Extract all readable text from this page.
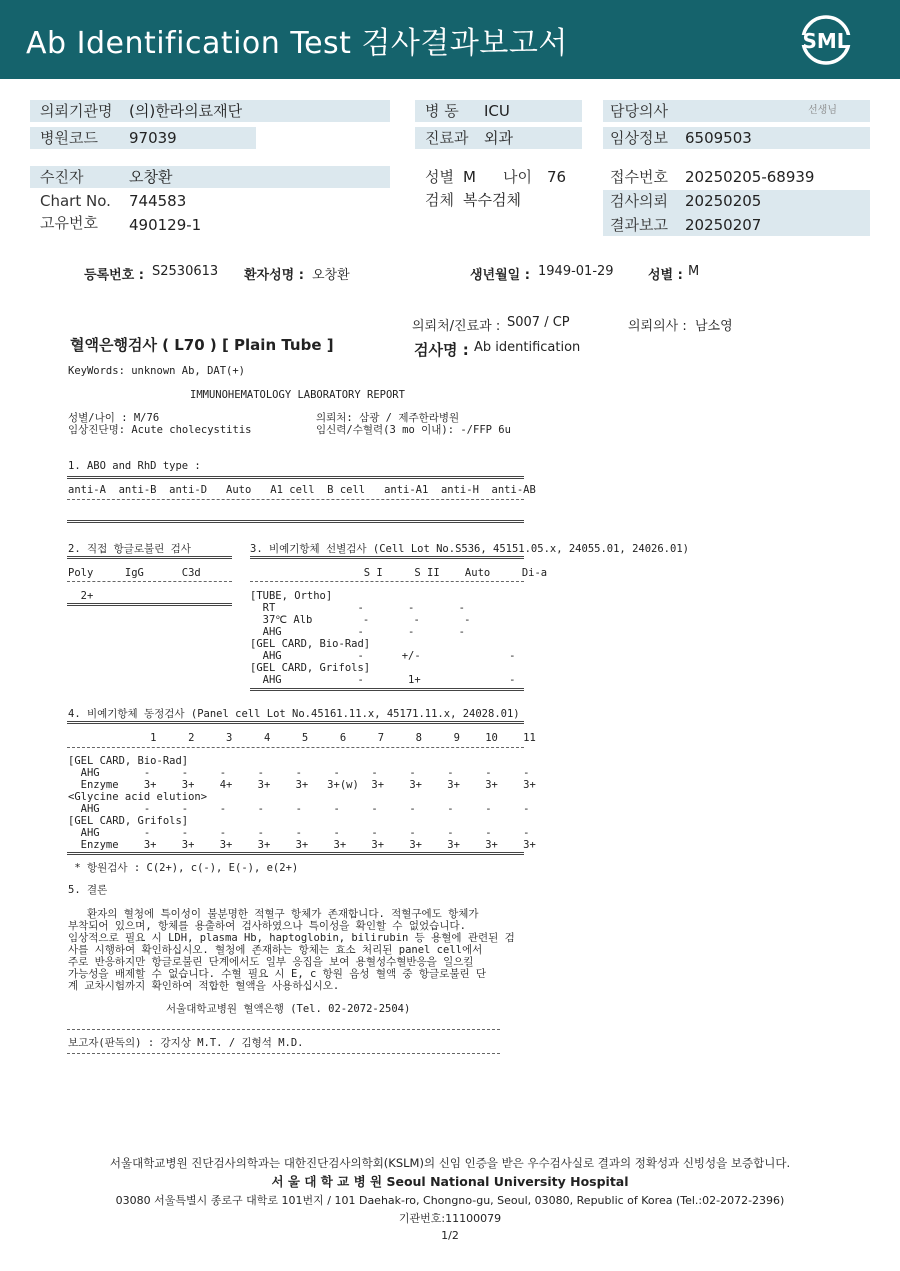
Ab Identification Test 검사결과보고서	SML
의뢰기관명 (의)한라의료재단
병원코드 97039
병 동 ICU
진료과 외과
담당의사	선생님
임상정보 6509503
수진자	오창환
Chart No. 744583
고유번호 490129-1
성별 M 나이 76
검체 복수검체
접수번호 20250205-68939
검사의뢰 20250205
결과보고 20250207
등록번호 : S2530613 환자성명 : 오창환	생년월일 : 1949-01-29	성별 : M
의뢰처/진료과 : S007 / CP	의뢰의사 : 남소영
혈액은행검사 ( L70 ) [ Plain Tube ]	검사명 : Ab identification
KeyWords: unknown Ab, DAT(+)
IMMUNOHEMATOLOGY LABORATORY REPORT
성별/나이 : M/76
임상진단명: Acute cholecystitis
의뢰처: 삼광 / 제주한라병원
임신력/수혈력(3 mo 이내): -/FFP 6u
1. ABO and RhD type :
anti-A  anti-B  anti-D   Auto   A1 cell  B cell   anti-A1  anti-H  anti-AB
2. 직접 항글로불린 검사	3. 비예기항체 선별검사 (Cell Lot No.S536, 45151.05.x, 24055.01, 24026.01)
Poly     IgG      C3d	S I     S II    Auto     Di-a
2+	[TUBE, Ortho]
RT             -       -       -
37℃ Alb        -       -       -
AHG            -       -       -
[GEL CARD, Bio-Rad]
AHG            -      +/-              -
[GEL CARD, Grifols]
AHG            -       1+              -
4. 비예기항체 동정검사 (Panel cell Lot No.45161.11.x, 45171.11.x, 24028.01)
1     2     3     4     5     6     7     8     9    10    11
[GEL CARD, Bio-Rad]
AHG       -     -     -     -     -     -     -     -     -     -     -
Enzyme    3+    3+    4+    3+    3+   3+(w)  3+    3+    3+    3+    3+
<Glycine acid elution>
AHG       -     -     -     -     -     -     -     -     -     -     -
[GEL CARD, Grifols]
AHG       -     -     -     -     -     -     -     -     -     -     -
Enzyme    3+    3+    3+    3+    3+    3+    3+    3+    3+    3+    3+
* 항원검사 : C(2+), c(-), E(-), e(2+)
5. 결론
환자의 혈청에 특이성이 불분명한 적혈구 항체가 존재합니다. 적혈구에도 항체가
부착되어 있으며, 항체를 용출하여 검사하였으나 특이성을 확인할 수 없었습니다.
임상적으로 필요 시 LDH, plasma Hb, haptoglobin, bilirubin 등 용혈에 관련된 검
사를 시행하여 확인하십시오. 혈청에 존재하는 항체는 효소 처리된 panel cell에서
주로 반응하지만 항글로불린 단계에서도 일부 응집을 보여 용혈성수혈반응을 일으킬
가능성을 배제할 수 없습니다. 수혈 필요 시 E, c 항원 음성 혈액 중 항글로불린 단
계 교차시험까지 확인하여 적합한 혈액을 사용하십시오.
서울대학교병원 혈액은행 (Tel. 02-2072-2504)
보고자(판독의) : 강지상 M.T. / 김형석 M.D.
서울대학교병원 진단검사의학과는 대한진단검사의학회(KSLM)의 신임 인증을 받은 우수검사실로 결과의 정확성과 신빙성을 보증합니다.
서 울 대 학 교 병 원 Seoul National University Hospital
03080 서울특별시 종로구 대학로 101번지 / 101 Daehak-ro, Chongno-gu, Seoul, 03080, Republic of Korea (Tel.:02-2072-2396)
기관번호:11100079
1/2
